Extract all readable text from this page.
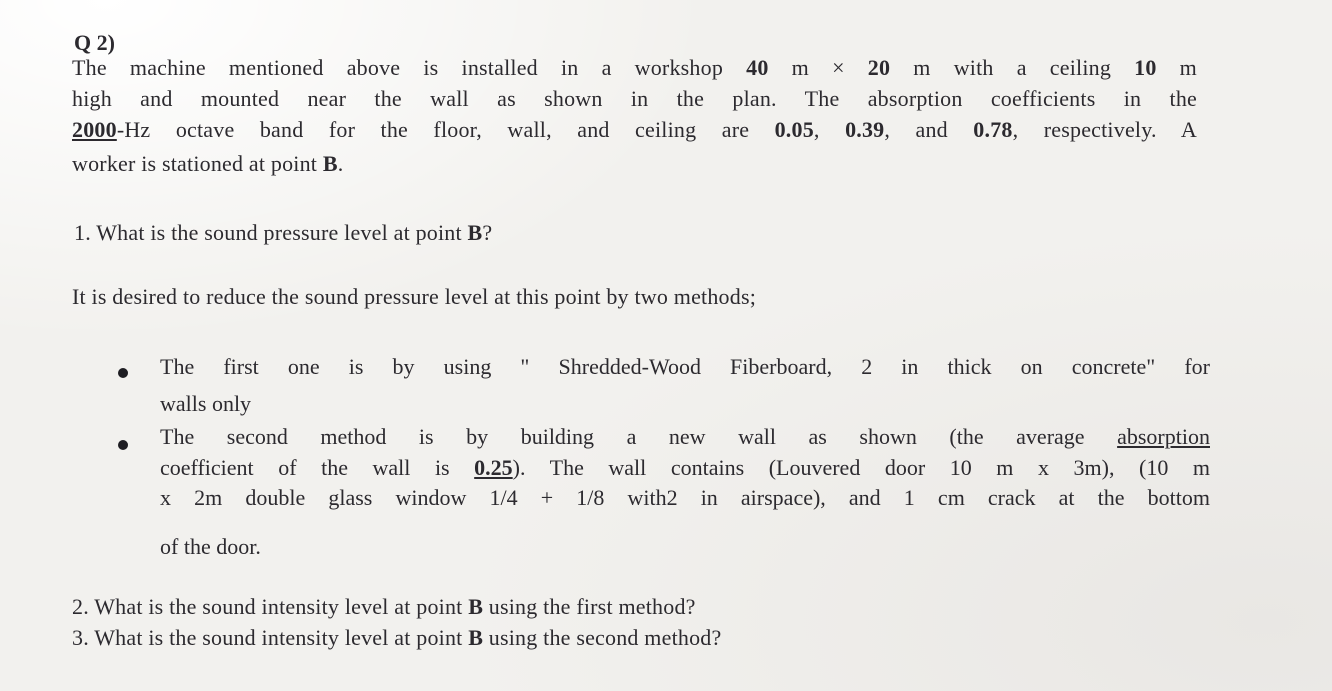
Q 2)
The machine mentioned above is installed in a workshop 40 m × 20 m with a ceiling 10 m
high and mounted near the wall as shown in the plan. The absorption coefficients in the
2000-Hz octave band for the floor, wall, and ceiling are 0.05, 0.39, and 0.78, respectively. A
worker is stationed at point B.
1. What is the sound pressure level at point B?
It is desired to reduce the sound pressure level at this point by two methods;
The first one is by using " Shredded-Wood Fiberboard, 2 in thick on concrete" for
walls only
The second method is by building a new wall as shown (the average absorption
coefficient of the wall is 0.25). The wall contains (Louvered door 10 m x 3m), (10 m
x 2m double glass window 1/4 + 1/8 with2 in airspace), and 1 cm crack at the bottom
of the door.
2. What is the sound intensity level at point B using the first method?
3. What is the sound intensity level at point B using the second method?
